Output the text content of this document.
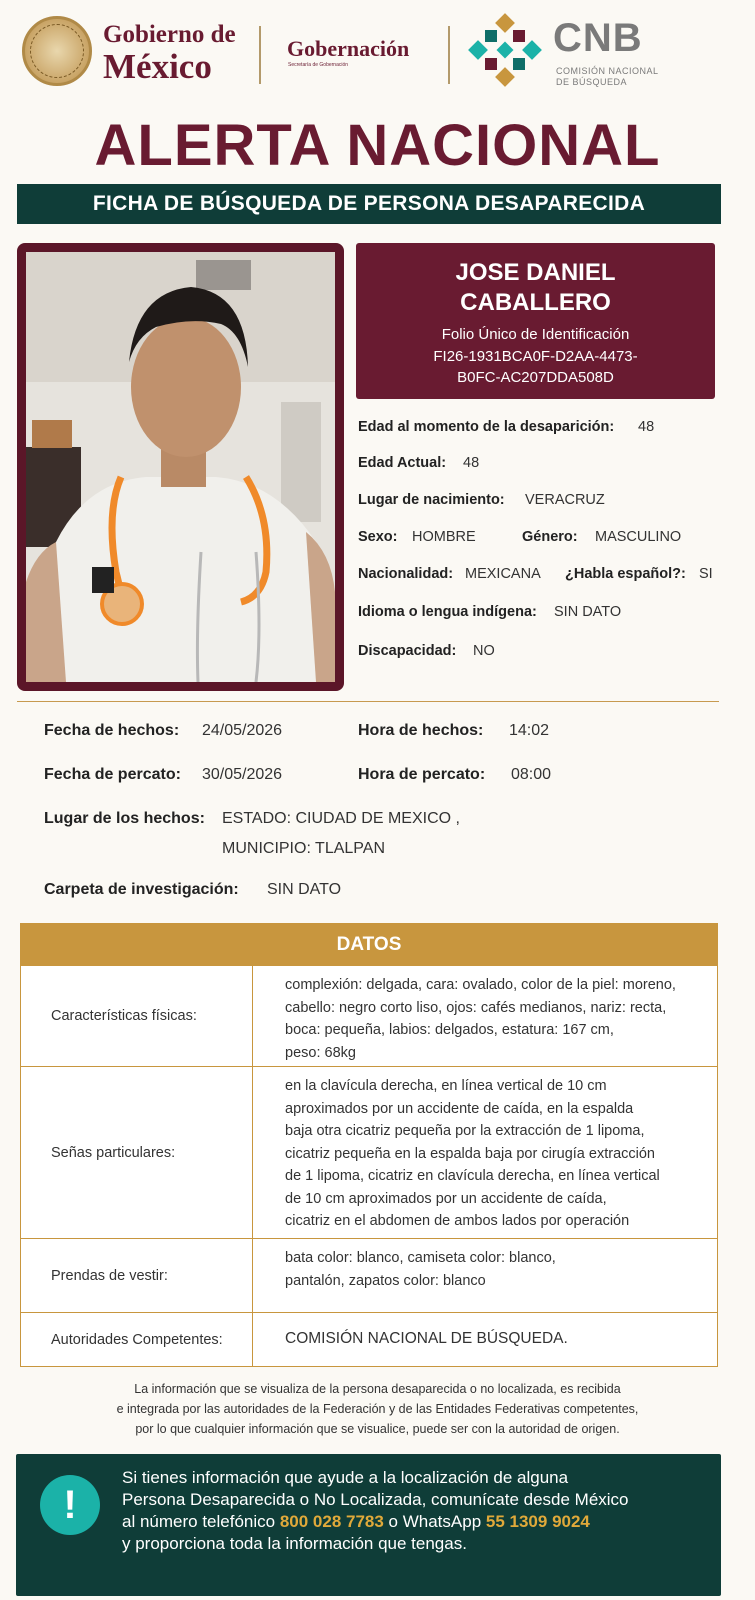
Gobierno de
México	Gobernación
Secretaría de Gobernación
CNB
COMISIÓN NACIONAL
DE BÚSQUEDA
ALERTA NACIONAL
FICHA DE BÚSQUEDA DE PERSONA DESAPARECIDA
JOSE DANIEL
CABALLERO
Folio Único de Identificación
FI26-1931BCA0F-D2AA-4473-
B0FC-AC207DDA508D
Edad al momento de la desaparición: 48
Edad Actual: 48
Lugar de nacimiento: VERACRUZ
Sexo: HOMBRE	Género: MASCULINO
Nacionalidad: MEXICANA ¿Habla español?: SI
Idioma o lengua indígena: SIN DATO
Discapacidad: NO
Fecha de hechos: 24/05/2026	Hora de hechos: 14:02
Fecha de percato: 30/05/2026	Hora de percato: 08:00
Lugar de los hechos: ESTADO: CIUDAD DE MEXICO ,
MUNICIPIO: TLALPAN
Carpeta de investigación: SIN DATO
DATOS
Características físicas:
complexión: delgada, cara: ovalado, color de la piel: moreno,
cabello: negro corto liso, ojos: cafés medianos, nariz: recta,
boca: pequeña, labios: delgados, estatura: 167 cm,
peso: 68kg
Señas particulares:
en la clavícula derecha, en línea vertical de 10 cm
aproximados por un accidente de caída, en la espalda
baja otra cicatriz pequeña por la extracción de 1 lipoma,
cicatriz pequeña en la espalda baja por cirugía extracción
de 1 lipoma, cicatriz en clavícula derecha, en línea vertical
de 10 cm aproximados por un accidente de caída,
cicatriz en el abdomen de ambos lados por operación
Prendas de vestir:
bata color: blanco, camiseta color: blanco,
pantalón, zapatos color: blanco
Autoridades Competentes:	COMISIÓN NACIONAL DE BÚSQUEDA.
La información que se visualiza de la persona desaparecida o no localizada, es recibida
e integrada por las autoridades de la Federación y de las Entidades Federativas competentes,
por lo que cualquier información que se visualice, puede ser con la autoridad de origen.
!
Si tienes información que ayude a la localización de alguna
Persona Desaparecida o No Localizada, comunícate desde México
al número telefónico 800 028 7783 o WhatsApp 55 1309 9024
y proporciona toda la información que tengas.
